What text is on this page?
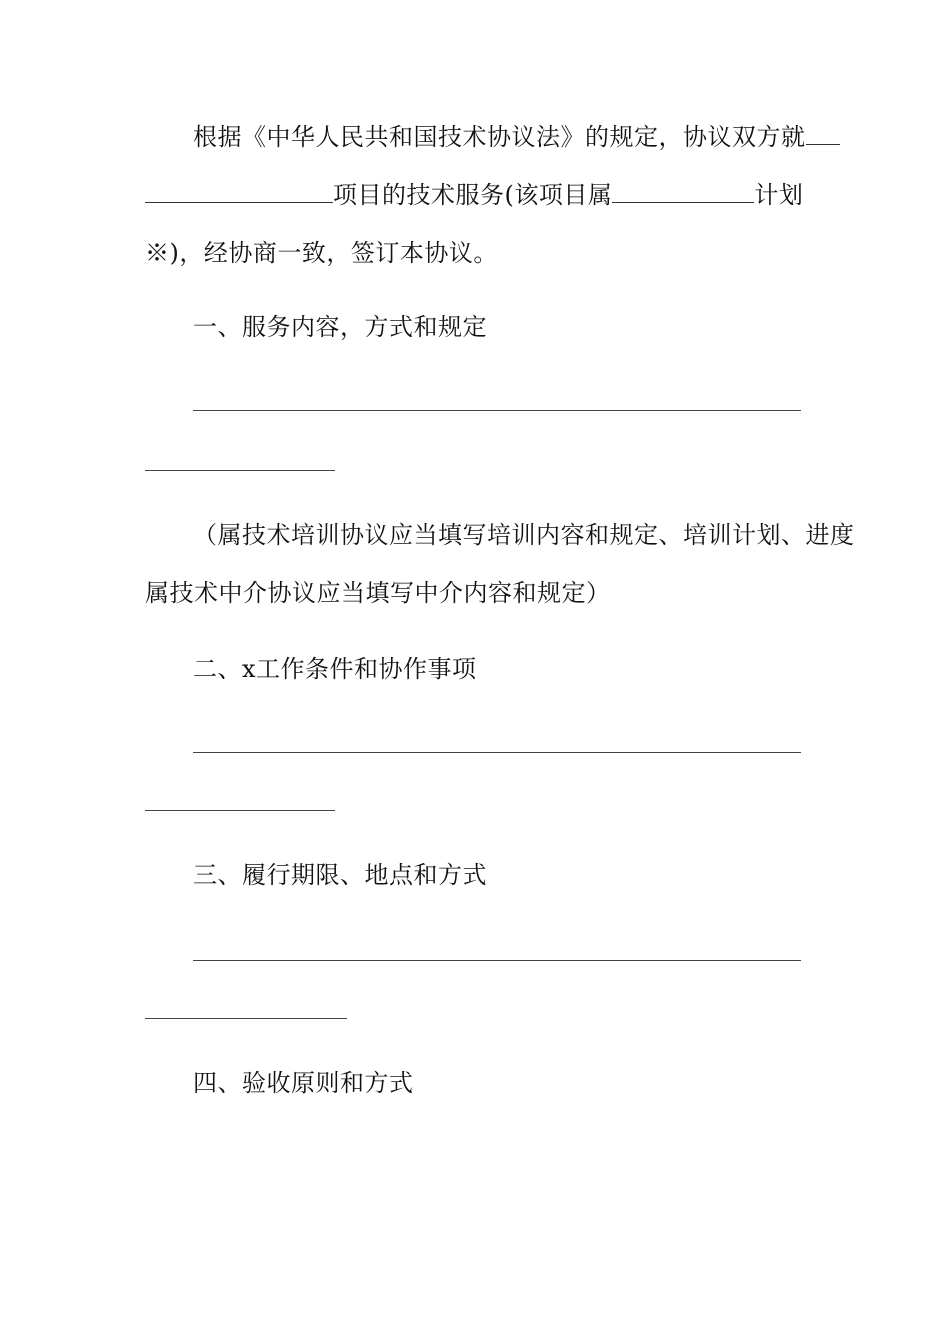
根据《中华人民共和国技术协议法》的规定，协议双方就
项目的技术服务(该项目属	计划
※)，经协商一致，签订本协议。
一、服务内容，方式和规定
（属技术培训协议应当填写培训内容和规定、培训计划、进度
属技术中介协议应当填写中介内容和规定）
二、x工作条件和协作事项
三、履行期限、地点和方式
四、验收原则和方式
